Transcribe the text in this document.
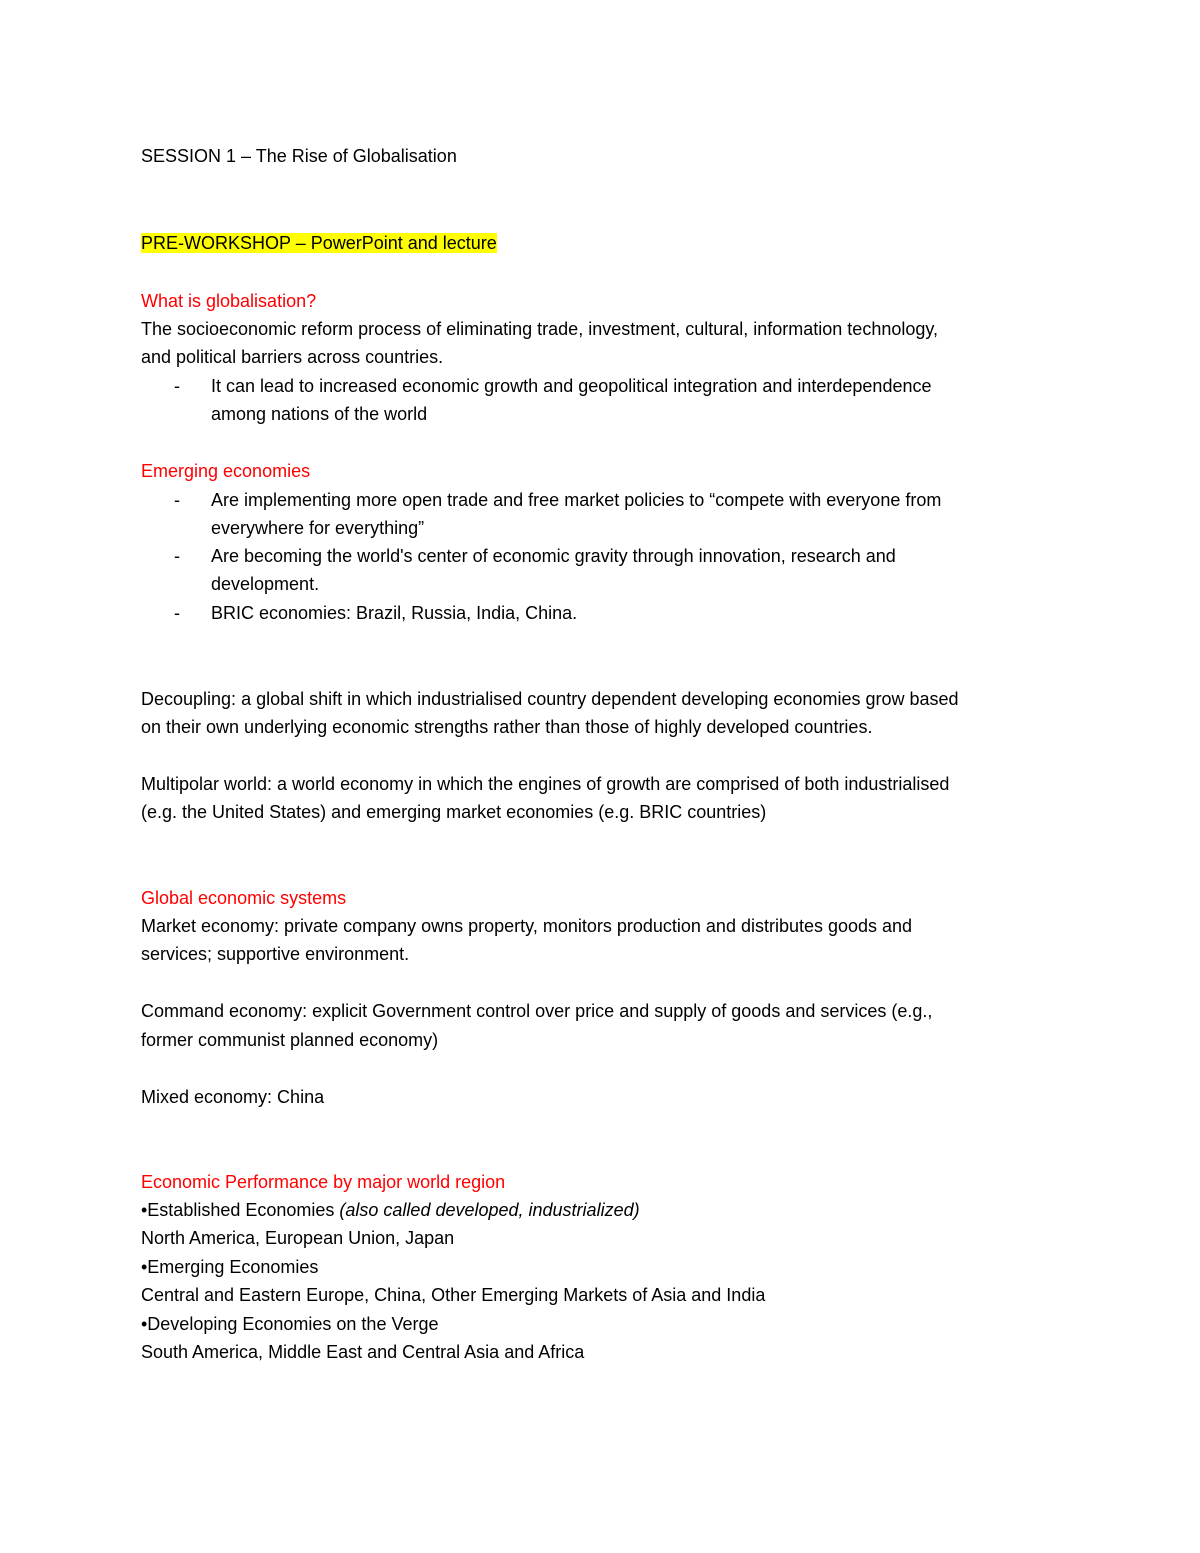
SESSION 1 – The Rise of Globalisation
PRE-WORKSHOP – PowerPoint and lecture
What is globalisation?
The socioeconomic reform process of eliminating trade, investment, cultural, information technology,
and political barriers across countries.
- It can lead to increased economic growth and geopolitical integration and interdependence
among nations of the world
Emerging economies
- Are implementing more open trade and free market policies to “compete with everyone from
everywhere for everything”
- Are becoming the world's center of economic gravity through innovation, research and
development.
- BRIC economies: Brazil, Russia, India, China.
Decoupling: a global shift in which industrialised country dependent developing economies grow based
on their own underlying economic strengths rather than those of highly developed countries.
Multipolar world: a world economy in which the engines of growth are comprised of both industrialised
(e.g. the United States) and emerging market economies (e.g. BRIC countries)
Global economic systems
Market economy: private company owns property, monitors production and distributes goods and
services; supportive environment.
Command economy: explicit Government control over price and supply of goods and services (e.g.,
former communist planned economy)
Mixed economy: China
Economic Performance by major world region
•Established Economies (also called developed, industrialized)
North America, European Union, Japan
•Emerging Economies
Central and Eastern Europe, China, Other Emerging Markets of Asia and India
•Developing Economies on the Verge
South America, Middle East and Central Asia and Africa
